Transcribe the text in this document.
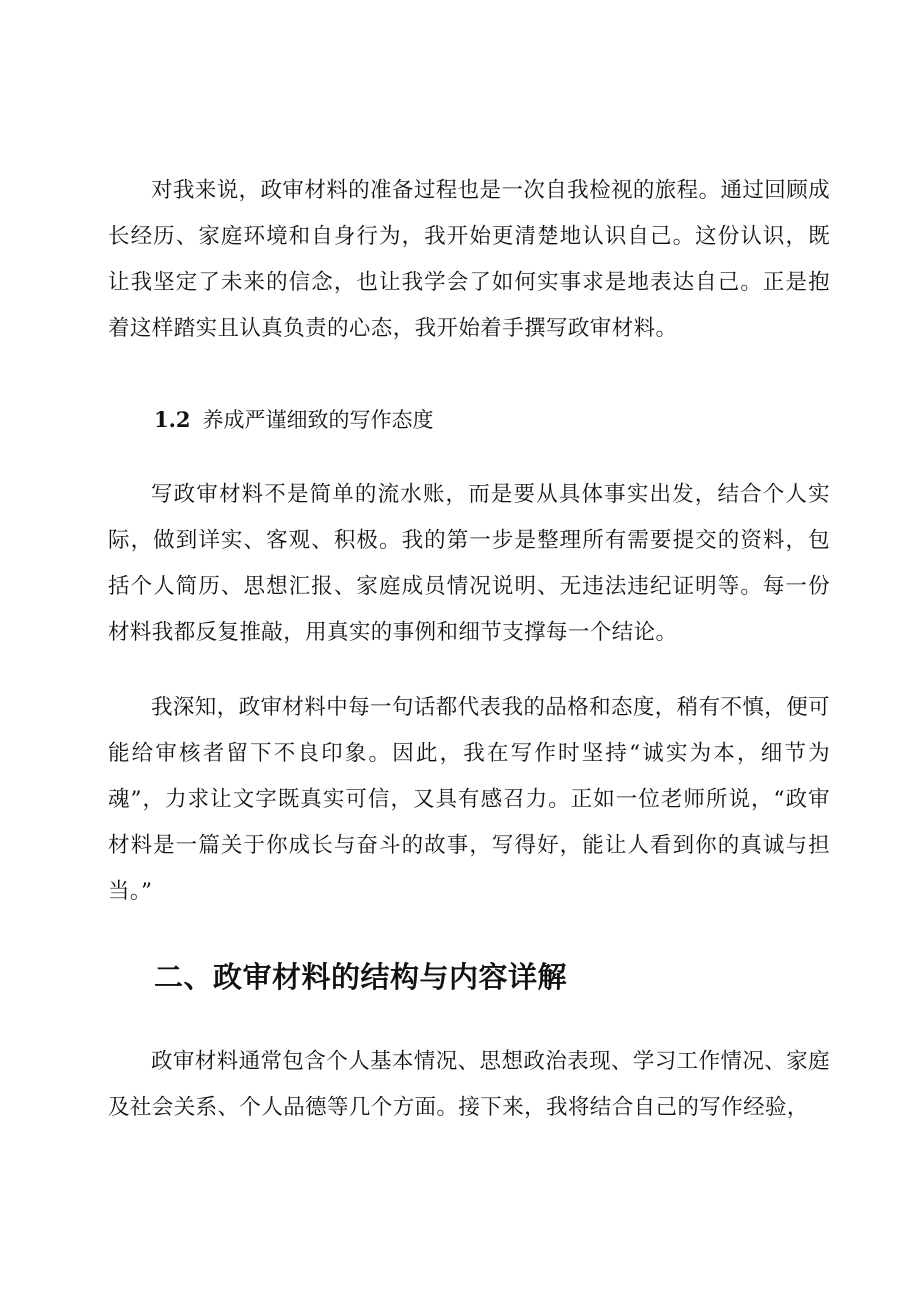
对我来说，政审材料的准备过程也是一次自我检视的旅程。通过回顾成长经历、家庭环境和自身行为，我开始更清楚地认识自己。这份认识，既让我坚定了未来的信念，也让我学会了如何实事求是地表达自己。正是抱着这样踏实且认真负责的心态，我开始着手撰写政审材料。

1.2 养成严谨细致的写作态度

写政审材料不是简单的流水账，而是要从具体事实出发，结合个人实际，做到详实、客观、积极。我的第一步是整理所有需要提交的资料，包括个人简历、思想汇报、家庭成员情况说明、无违法违纪证明等。每一份材料我都反复推敲，用真实的事例和细节支撑每一个结论。

我深知，政审材料中每一句话都代表我的品格和态度，稍有不慎，便可能给审核者留下不良印象。因此，我在写作时坚持“诚实为本，细节为魂”，力求让文字既真实可信，又具有感召力。正如一位老师所说，“政审材料是一篇关于你成长与奋斗的故事，写得好，能让人看到你的真诚与担当。”

二、政审材料的结构与内容详解

政审材料通常包含个人基本情况、思想政治表现、学习工作情况、家庭及社会关系、个人品德等几个方面。接下来，我将结合自己的写作经验，
